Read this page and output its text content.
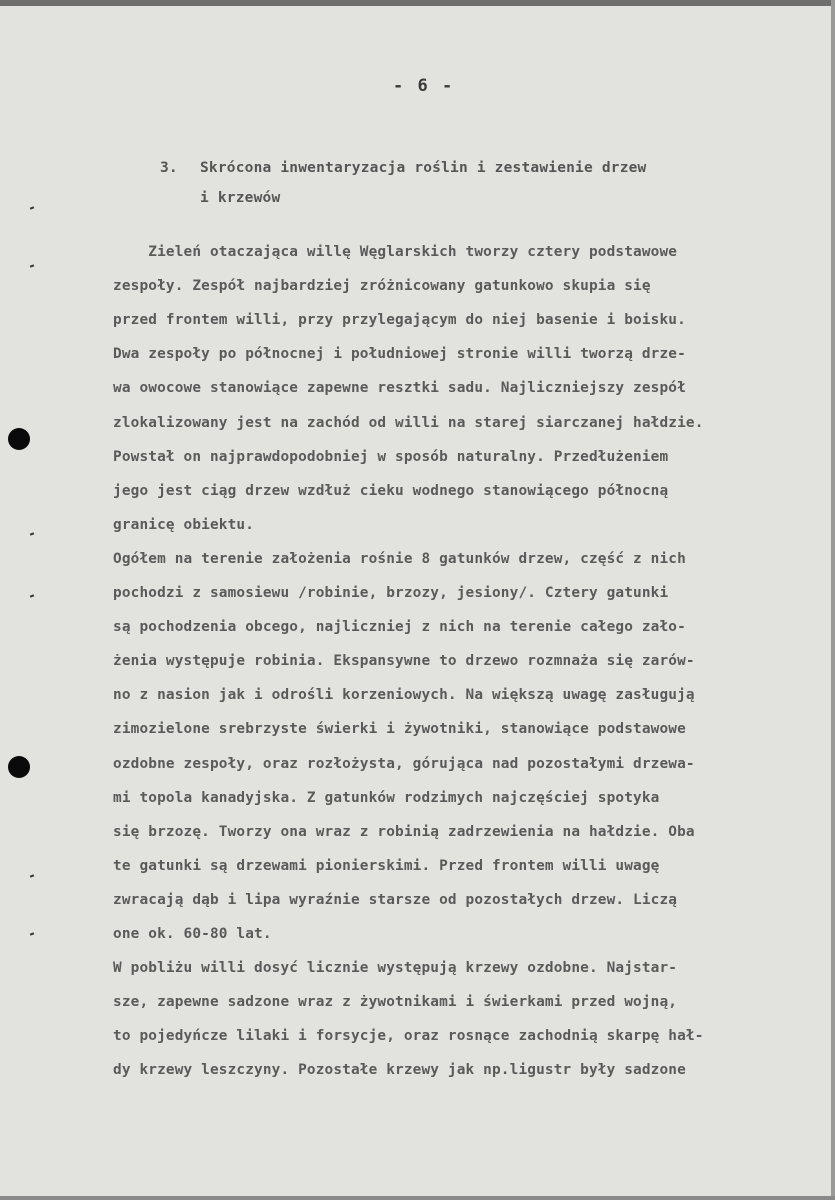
- 6 -
3. Skrócona inwentaryzacja roślin i zestawienie drzew
i krzewów
Zieleń otaczająca willę Węglarskich tworzy cztery podstawowe
zespoły. Zespół najbardziej zróżnicowany gatunkowo skupia się
przed frontem willi, przy przylegającym do niej basenie i boisku.
Dwa zespoły po północnej i południowej stronie willi tworzą drze-
wa owocowe stanowiące zapewne resztki sadu. Najliczniejszy zespół
zlokalizowany jest na zachód od willi na starej siarczanej hałdzie.
Powstał on najprawdopodobniej w sposób naturalny. Przedłużeniem
jego jest ciąg drzew wzdłuż cieku wodnego stanowiącego północną
granicę obiektu.
Ogółem na terenie założenia rośnie 8 gatunków drzew, część z nich
pochodzi z samosiewu /robinie, brzozy, jesiony/. Cztery gatunki
są pochodzenia obcego, najliczniej z nich na terenie całego zało-
żenia występuje robinia. Ekspansywne to drzewo rozmnaża się zarów-
no z nasion jak i odrośli korzeniowych. Na większą uwagę zasługują
zimozielone srebrzyste świerki i żywotniki, stanowiące podstawowe
ozdobne zespoły, oraz rozłożysta, górująca nad pozostałymi drzewa-
mi topola kanadyjska. Z gatunków rodzimych najczęściej spotyka
się brzozę. Tworzy ona wraz z robinią zadrzewienia na hałdzie. Oba
te gatunki są drzewami pionierskimi. Przed frontem willi uwagę
zwracają dąb i lipa wyraźnie starsze od pozostałych drzew. Liczą
one ok. 60-80 lat.
W pobliżu willi dosyć licznie występują krzewy ozdobne. Najstar-
sze, zapewne sadzone wraz z żywotnikami i świerkami przed wojną,
to pojedyńcze lilaki i forsycje, oraz rosnące zachodnią skarpę hał-
dy krzewy leszczyny. Pozostałe krzewy jak np.ligustr były sadzone
